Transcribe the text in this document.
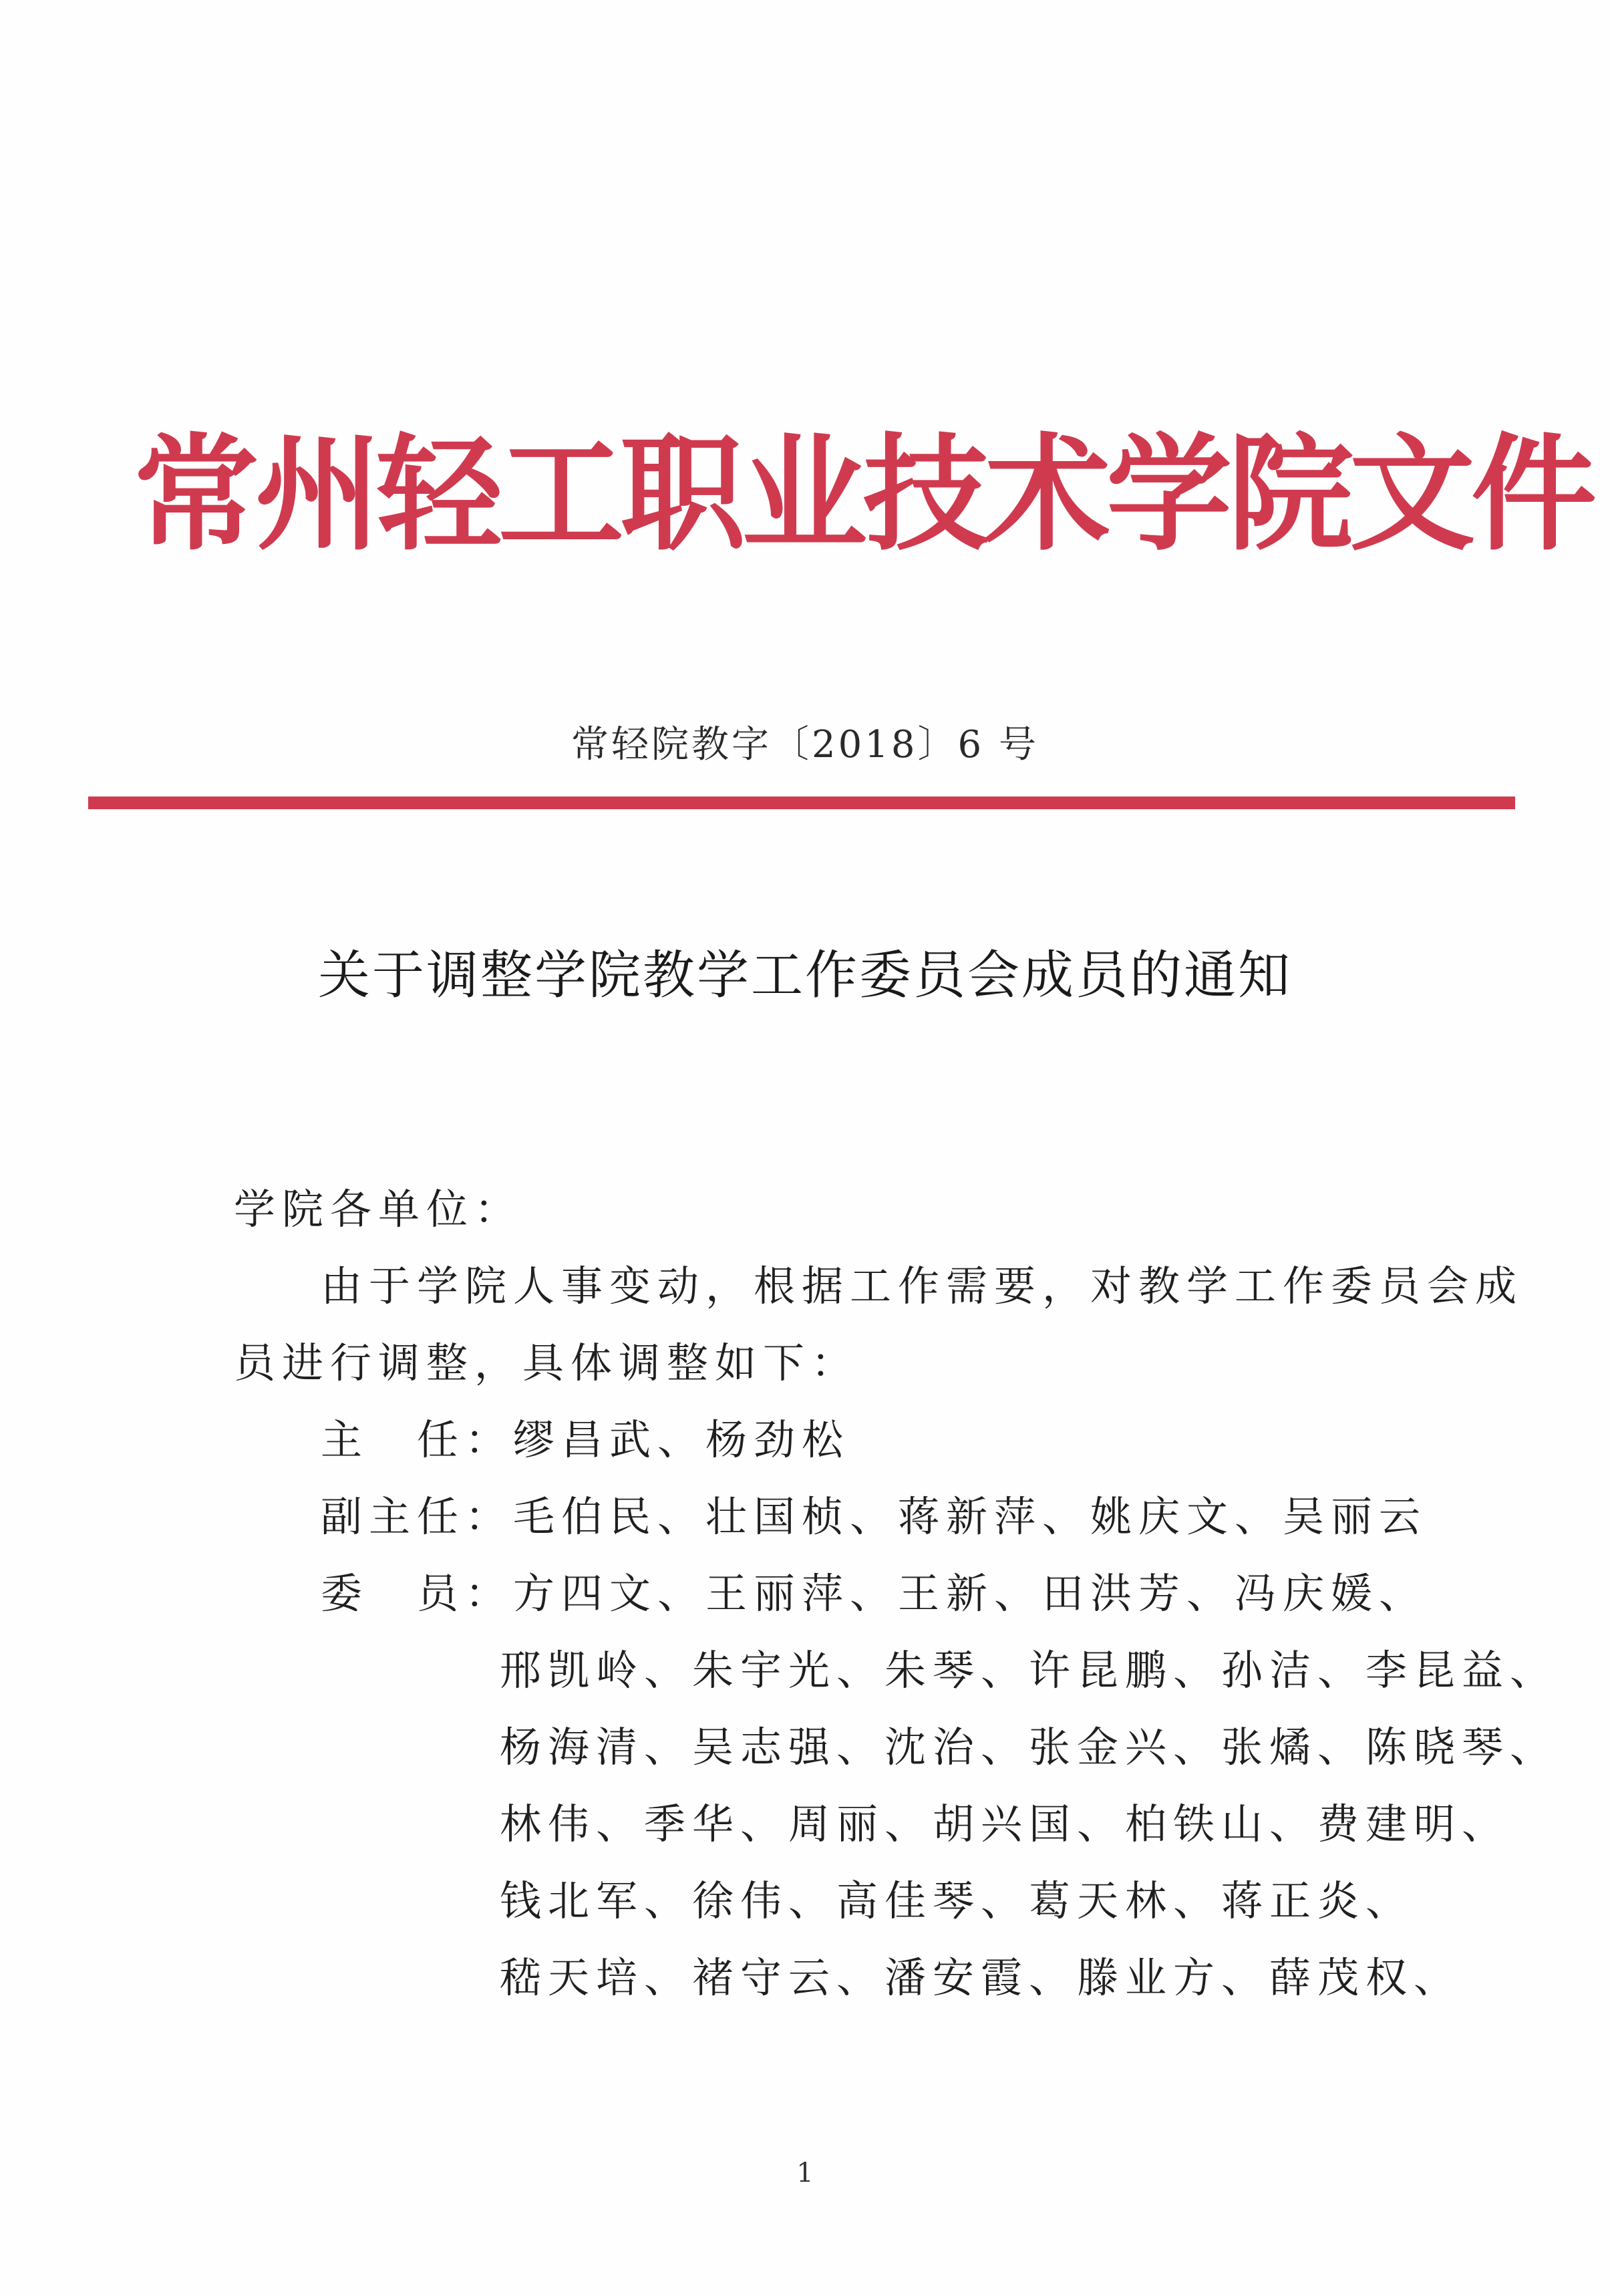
常州轻工职业技术学院文件
常轻院教字〔2018〕6 号
关于调整学院教学工作委员会成员的通知
学院各单位：
由于学院人事变动，根据工作需要，对教学工作委员会成
员进行调整，具体调整如下：
主　任：缪昌武、杨劲松
副主任：毛伯民、壮国桢、蒋新萍、姚庆文、吴丽云
委　员：方四文、王丽萍、王新、田洪芳、冯庆媛、
邢凯岭、朱宇光、朱琴、许昆鹏、孙洁、李昆益、
杨海清、吴志强、沈治、张金兴、张燏、陈晓琴、
林伟、季华、周丽、胡兴国、柏铁山、费建明、
钱北军、徐伟、高佳琴、葛天林、蒋正炎、
嵇天培、褚守云、潘安霞、滕业方、薛茂权、
1
